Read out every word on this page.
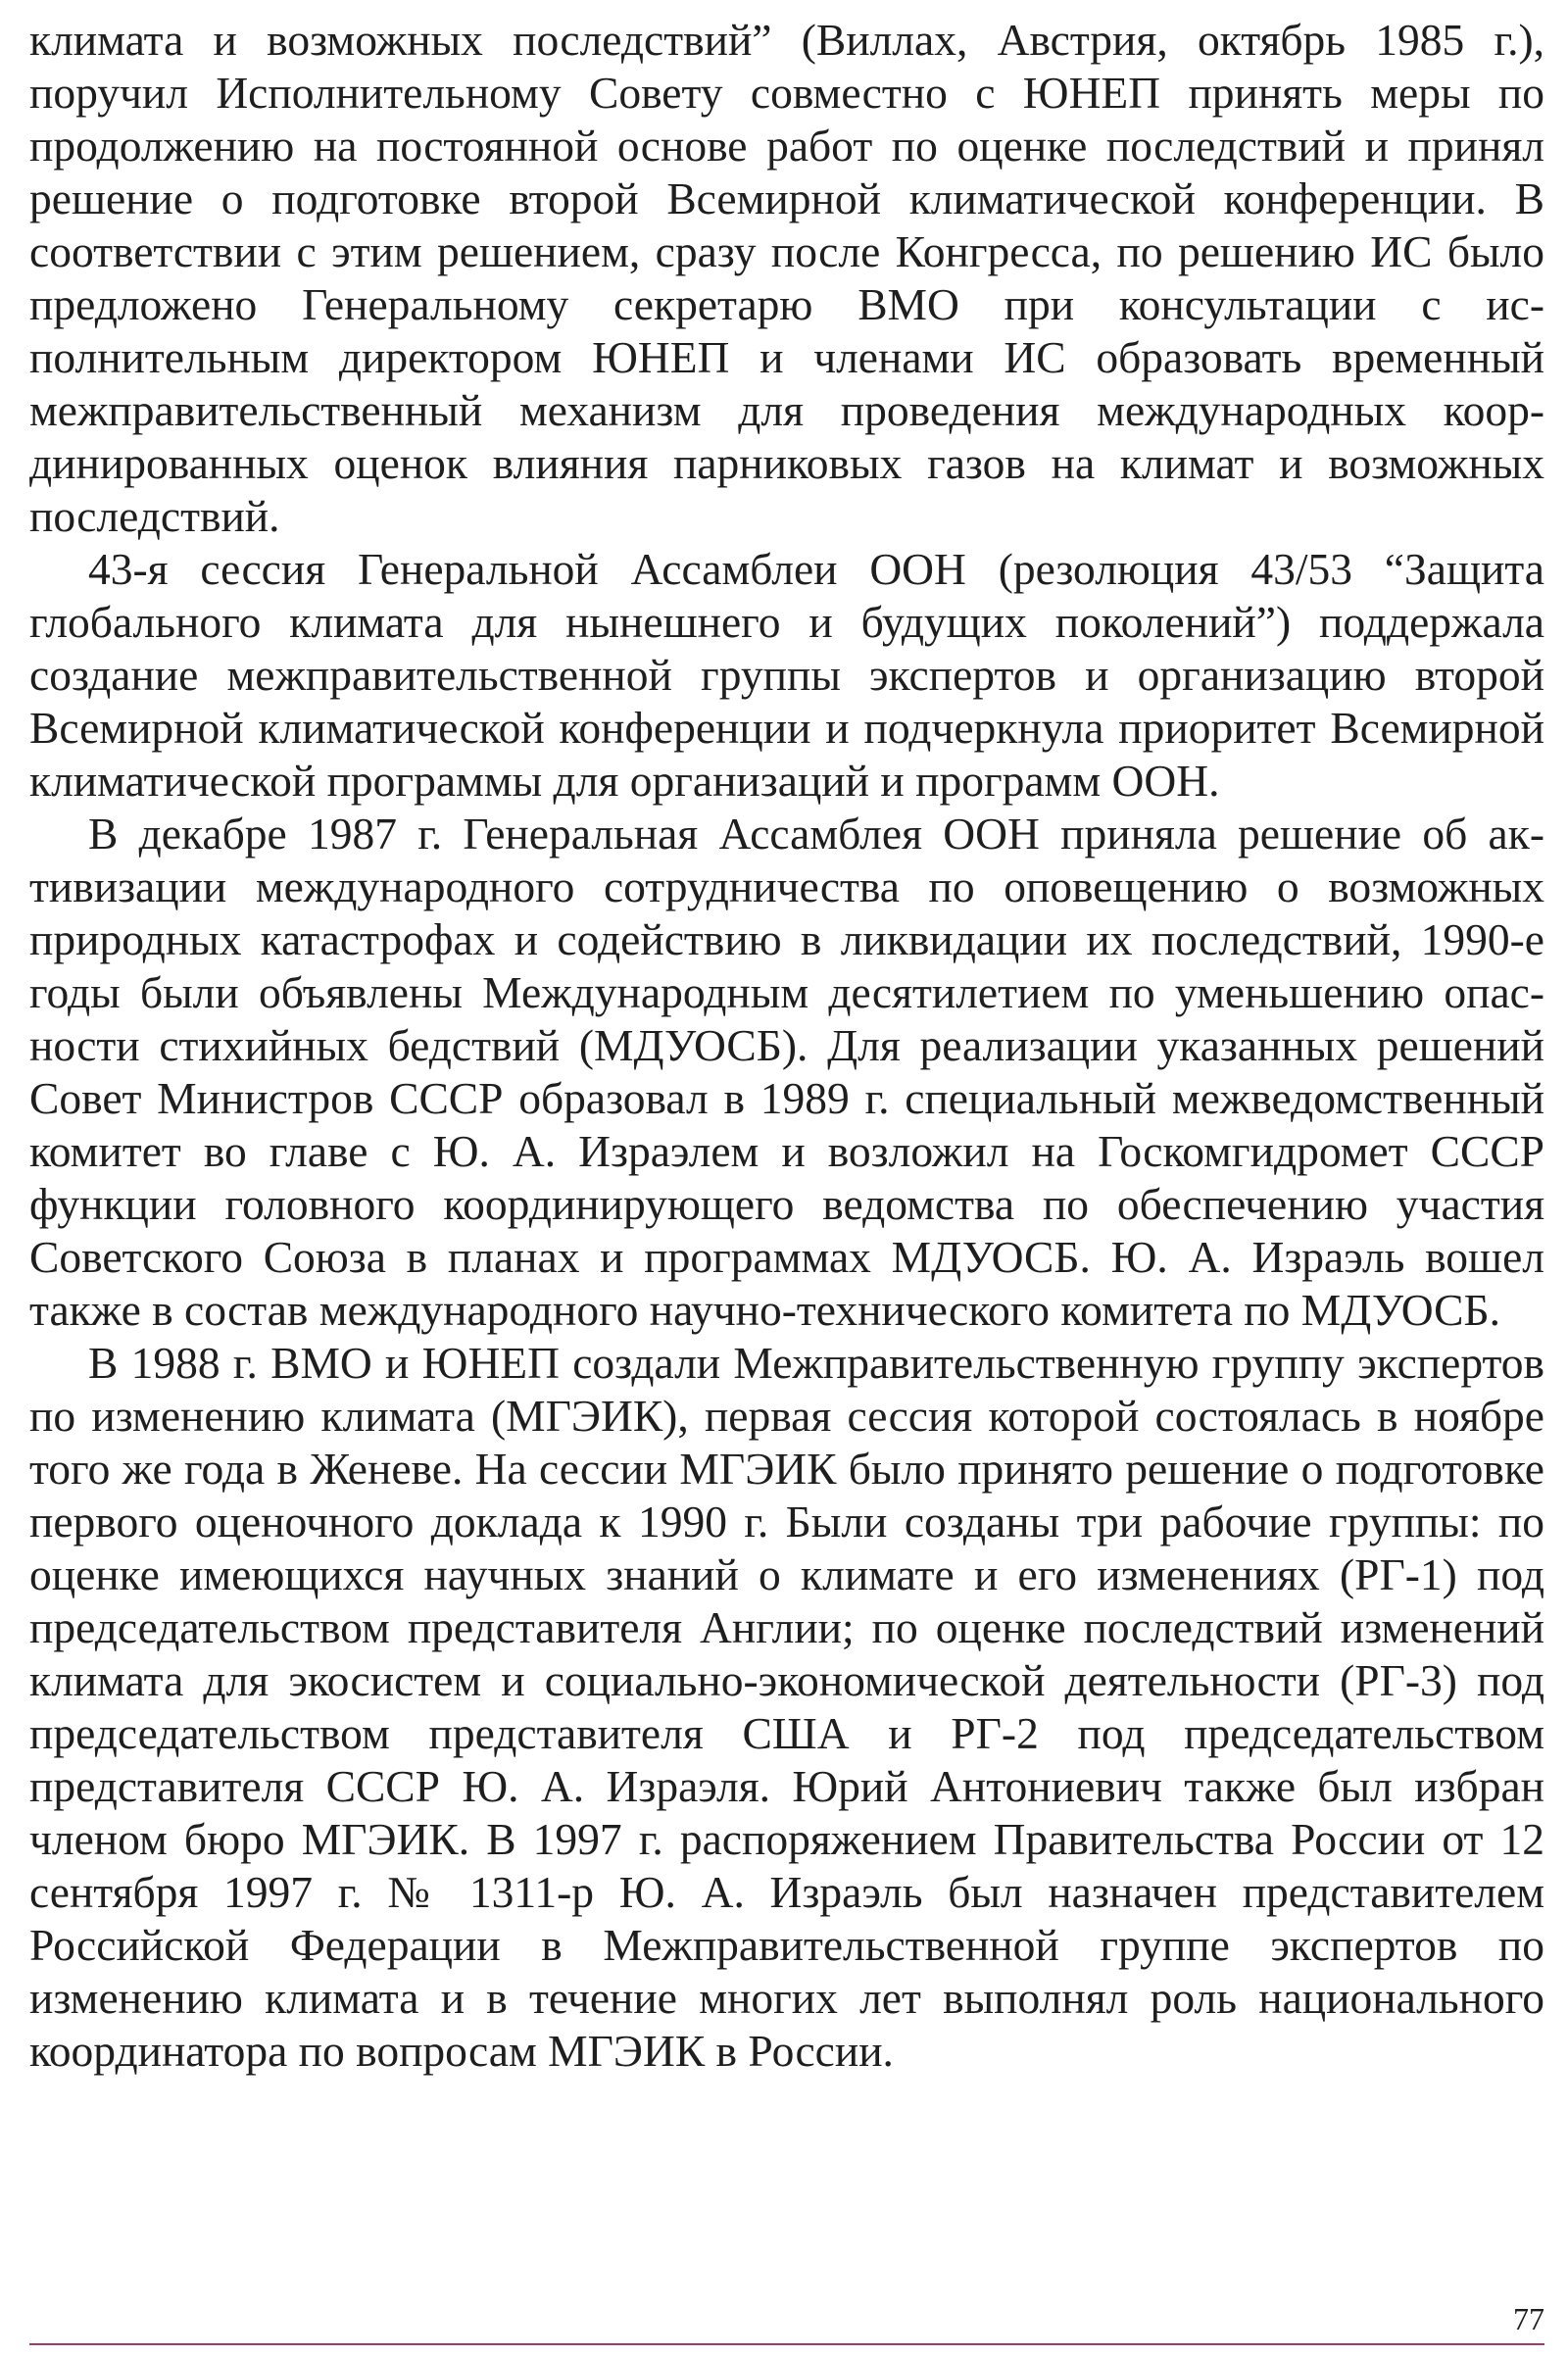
климата и возможных последствий” (Виллах, Австрия, октябрь 1985 г.), поручил Исполнительному Совету совместно с ЮНЕП принять меры по продолжению на постоянной основе работ по оценке последствий и принял решение о подготовке второй Всемирной климатической конференции. В соответствии с этим решением, сразу после Конгресса, по решению ИС было предложено Генеральному секретарю ВМО при консультации с исполнительным директором ЮНЕП и членами ИС образовать временный межправительственный механизм для проведения международных координированных оценок влияния парниковых газов на климат и возможных последствий.

43-я сессия Генеральной Ассамблеи ООН (резолюция 43/53 “Защита глобального климата для нынешнего и будущих поколений”) поддержала создание межправительственной группы экспертов и организацию второй Всемирной климатической конференции и подчеркнула приоритет Всемирной климатической программы для организаций и программ ООН.

В декабре 1987 г. Генеральная Ассамблея ООН приняла решение об активизации международного сотрудничества по оповещению о возможных природных катастрофах и содействию в ликвидации их последствий, 1990-е годы были объявлены Международным десятилетием по уменьшению опасности стихийных бедствий (МДУОСБ). Для реализации указанных решений Совет Министров СССР образовал в 1989 г. специальный межведомственный комитет во главе с Ю. А. Израэлем и возложил на Госкомгидромет СССР функции головного координирующего ведомства по обеспечению участия Советского Союза в планах и программах МДУОСБ. Ю. А. Израэль вошел также в состав международного научно-технического комитета по МДУОСБ.

В 1988 г. ВМО и ЮНЕП создали Межправительственную группу экспертов по изменению климата (МГЭИК), первая сессия которой состоялась в ноябре того же года в Женеве. На сессии МГЭИК было принято решение о подготовке первого оценочного доклада к 1990 г. Были созданы три рабочие группы: по оценке имеющихся научных знаний о климате и его изменениях (РГ-1) под председательством представителя Англии; по оценке последствий изменений климата для экосистем и социально-экономической деятельности (РГ-3) под председательством представителя США и РГ-2 под председательством представителя СССР Ю. А. Израэля. Юрий Антониевич также был избран членом бюро МГЭИК. В 1997 г. распоряжением Правительства России от 12 сентября 1997 г. № 1311-р Ю. А. Израэль был назначен представителем Российской Федерации в Межправительственной группе экспертов по изменению климата и в течение многих лет выполнял роль национального координатора по вопросам МГЭИК в России.

77
